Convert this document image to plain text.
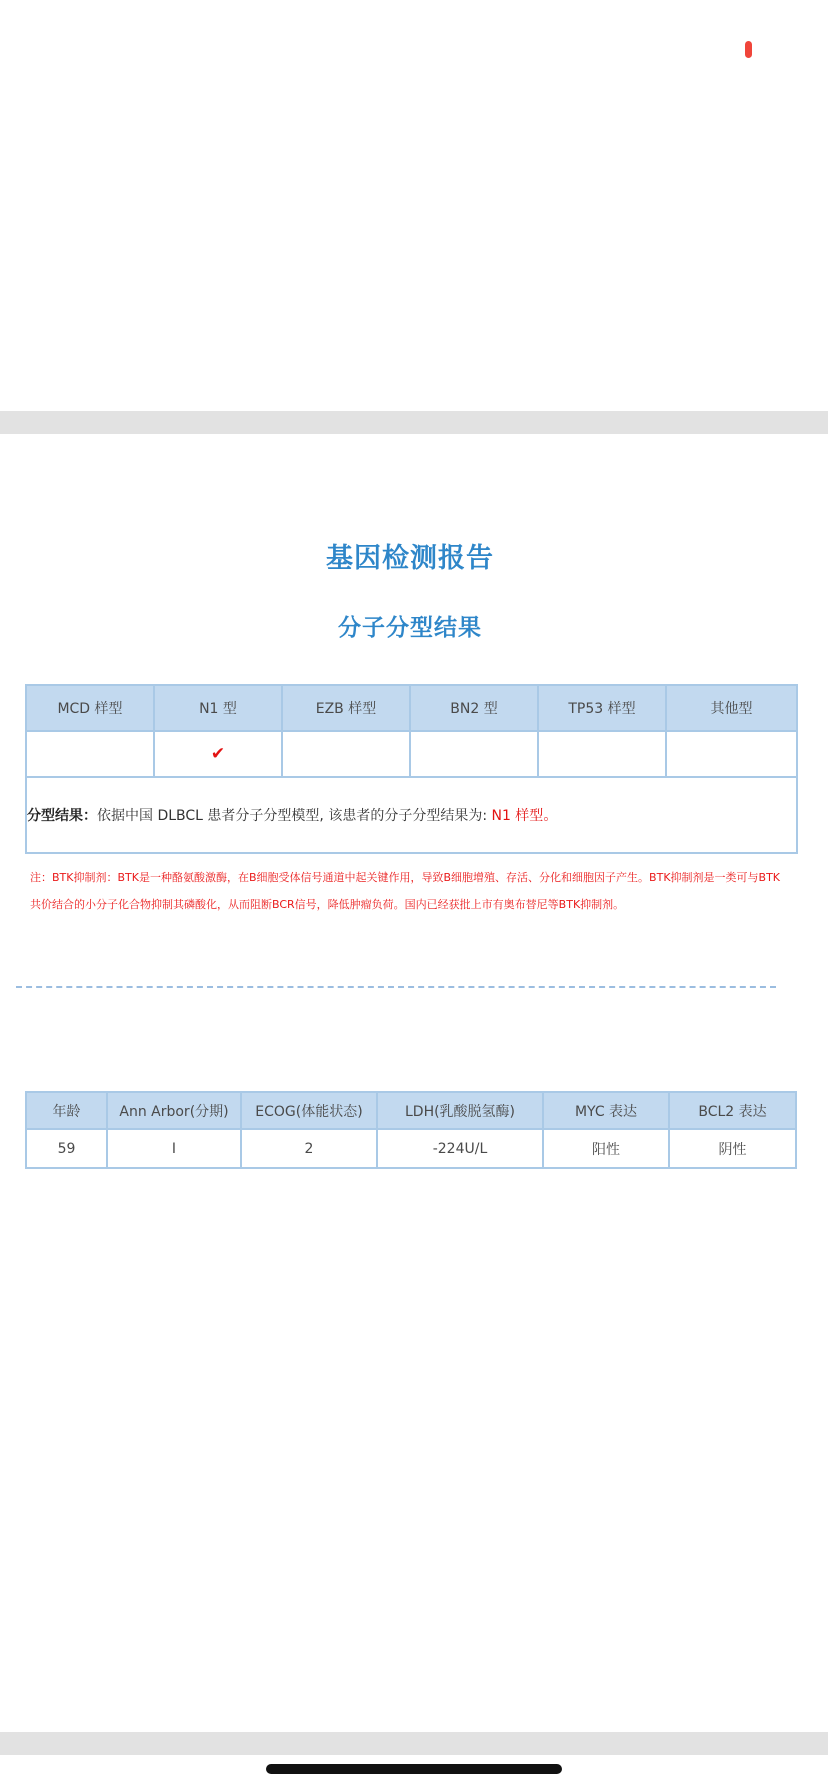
基因检测报告
分子分型结果
MCD 样型	N1 型	EZB 样型	BN2 型	TP53 样型	其他型
	✔				
分型结果：依据中国 DLBCL 患者分子分型模型, 该患者的分子分型结果为: N1 样型。					
注：BTK抑制剂：BTK是一种酪氨酸激酶，在B细胞受体信号通道中起关键作用，导致B细胞增殖、存活、分化和细胞因子产生。BTK抑制剂是一类可与BTK共价结合的小分子化合物抑制其磷酸化，从而阻断BCR信号，降低肿瘤负荷。国内已经获批上市有奥布替尼等BTK抑制剂。
年龄	Ann Arbor(分期)	ECOG(体能状态)	LDH(乳酸脱氢酶)	MYC 表达	BCL2 表达
59	I	2	-224U/L	阳性	阴性
